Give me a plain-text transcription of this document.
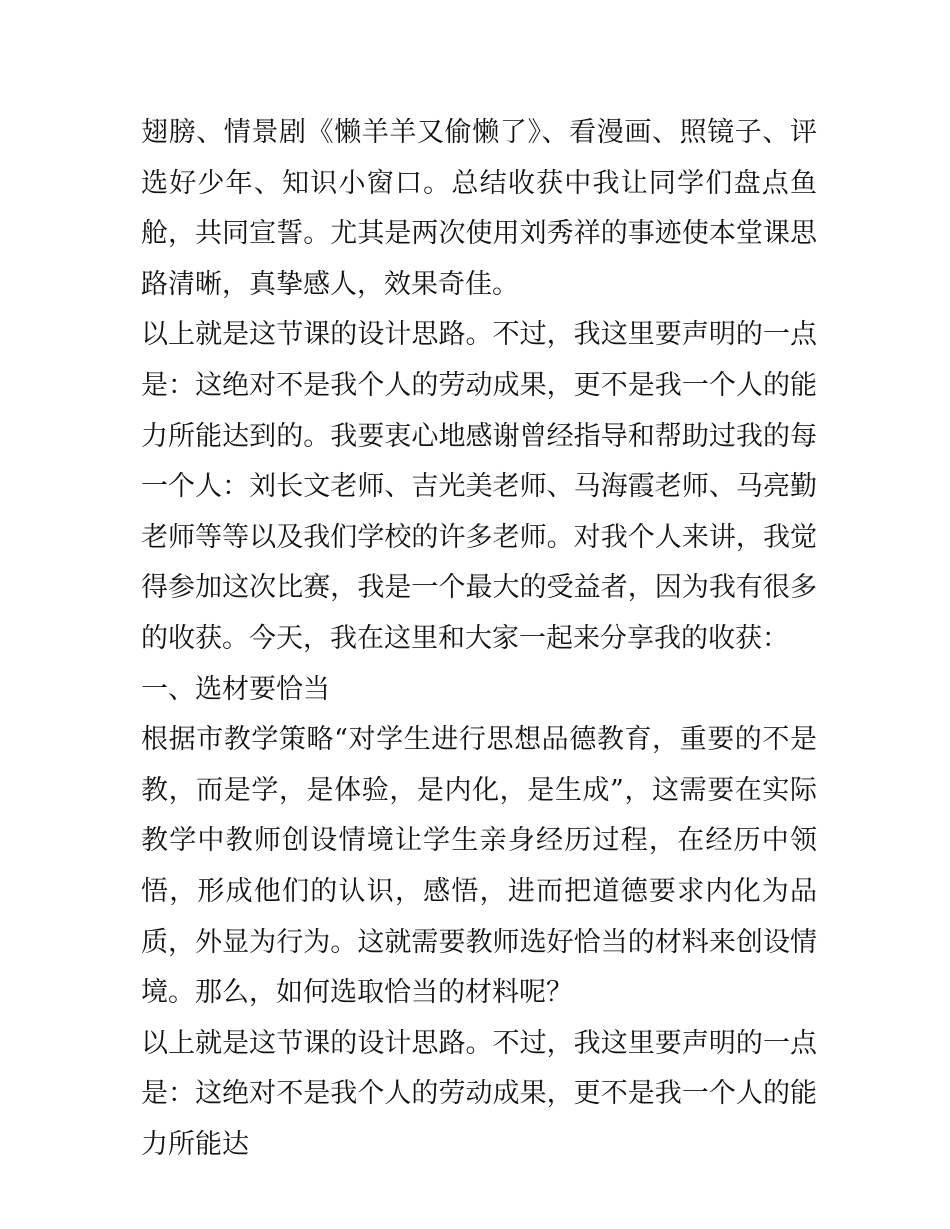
翅膀、情景剧《懒羊羊又偷懒了》、看漫画、照镜子、评选好少年、知识小窗口。总结收获中我让同学们盘点鱼舱，共同宣誓。尤其是两次使用刘秀祥的事迹使本堂课思路清晰，真挚感人，效果奇佳。

以上就是这节课的设计思路。不过，我这里要声明的一点是：这绝对不是我个人的劳动成果，更不是我一个人的能力所能达到的。我要衷心地感谢曾经指导和帮助过我的每一个人：刘长文老师、吉光美老师、马海霞老师、马亮勤老师等等以及我们学校的许多老师。对我个人来讲，我觉得参加这次比赛，我是一个最大的受益者，因为我有很多的收获。今天，我在这里和大家一起来分享我的收获：

一、选材要恰当

根据市教学策略“对学生进行思想品德教育，重要的不是教，而是学，是体验，是内化，是生成”，这需要在实际教学中教师创设情境让学生亲身经历过程，在经历中领悟，形成他们的认识，感悟，进而把道德要求内化为品质，外显为行为。这就需要教师选好恰当的材料来创设情境。那么，如何选取恰当的材料呢？

以上就是这节课的设计思路。不过，我这里要声明的一点是：这绝对不是我个人的劳动成果，更不是我一个人的能力所能达
